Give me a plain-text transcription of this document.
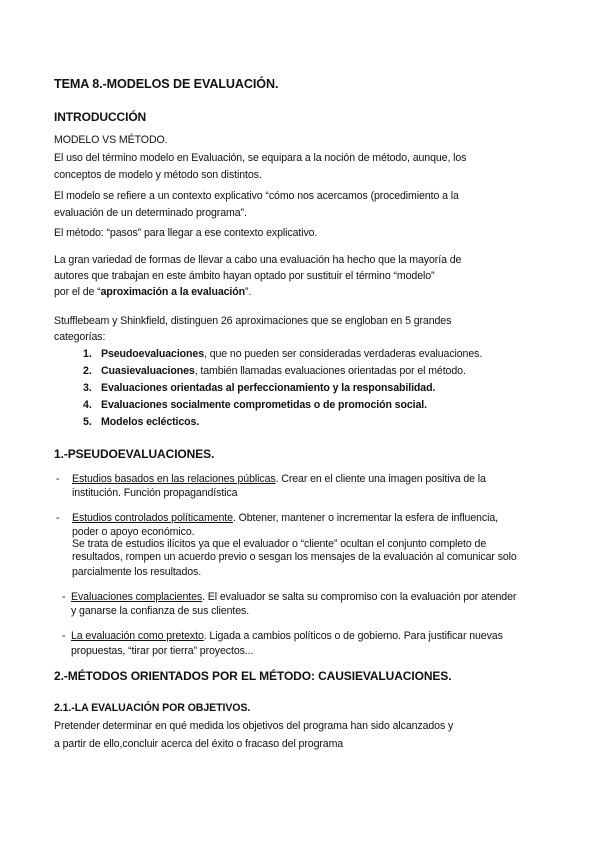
TEMA 8.-MODELOS DE EVALUACIÓN.
INTRODUCCIÓN
MODELO VS MÉTODO.
El uso del término modelo en Evaluación, se equipara a la noción de método, aunque, los
conceptos de modelo y método son distintos.
El modelo se refiere a un contexto explicativo “cómo nos acercamos (procedimiento a la
evaluación de un determinado programa”.
El método: “pasos” para llegar a ese contexto explicativo.
La gran variedad de formas de llevar a cabo una evaluación ha hecho que la mayoría de
autores que trabajan en este ámbito hayan optado por sustituir el término “modelo”
por el de “aproximación a la evaluación”.
Stufflebeam y Shinkfield, distinguen 26 aproximaciones que se engloban en 5 grandes
categorías:
1. Pseudoevaluaciones, que no pueden ser consideradas verdaderas evaluaciones.
2. Cuasievaluaciones, también llamadas evaluaciones orientadas por el método.
3. Evaluaciones orientadas al perfeccionamiento y la responsabilidad.
4. Evaluaciones socialmente comprometidas o de promoción social.
5. Modelos eclécticos.
1.-PSEUDOEVALUACIONES.
- Estudios basados en las relaciones públicas. Crear en el cliente una imagen positiva de la
institución. Función propagandística
- Estudios controlados políticamente. Obtener, mantener o incrementar la esfera de influencia,
poder o apoyo económico.
Se trata de estudios ilícitos ya que el evaluador o “cliente” ocultan el conjunto completo de
resultados, rompen un acuerdo previo o sesgan los mensajes de la evaluación al comunicar solo
parcialmente los resultados.
- Evaluaciones complacientes. El evaluador se salta su compromiso con la evaluación por atender
y ganarse la confianza de sus clientes.
- La evaluación como pretexto. Ligada a cambios políticos o de gobierno. Para justificar nuevas
propuestas, “tirar por tierra” proyectos...
2.-MÉTODOS ORIENTADOS POR EL MÉTODO: CAUSIEVALUACIONES.
2.1.-LA EVALUACIÓN POR OBJETIVOS.
Pretender determinar en qué medida los objetivos del programa han sido alcanzados y
a partir de ello,concluir acerca del éxito o fracaso del programa
